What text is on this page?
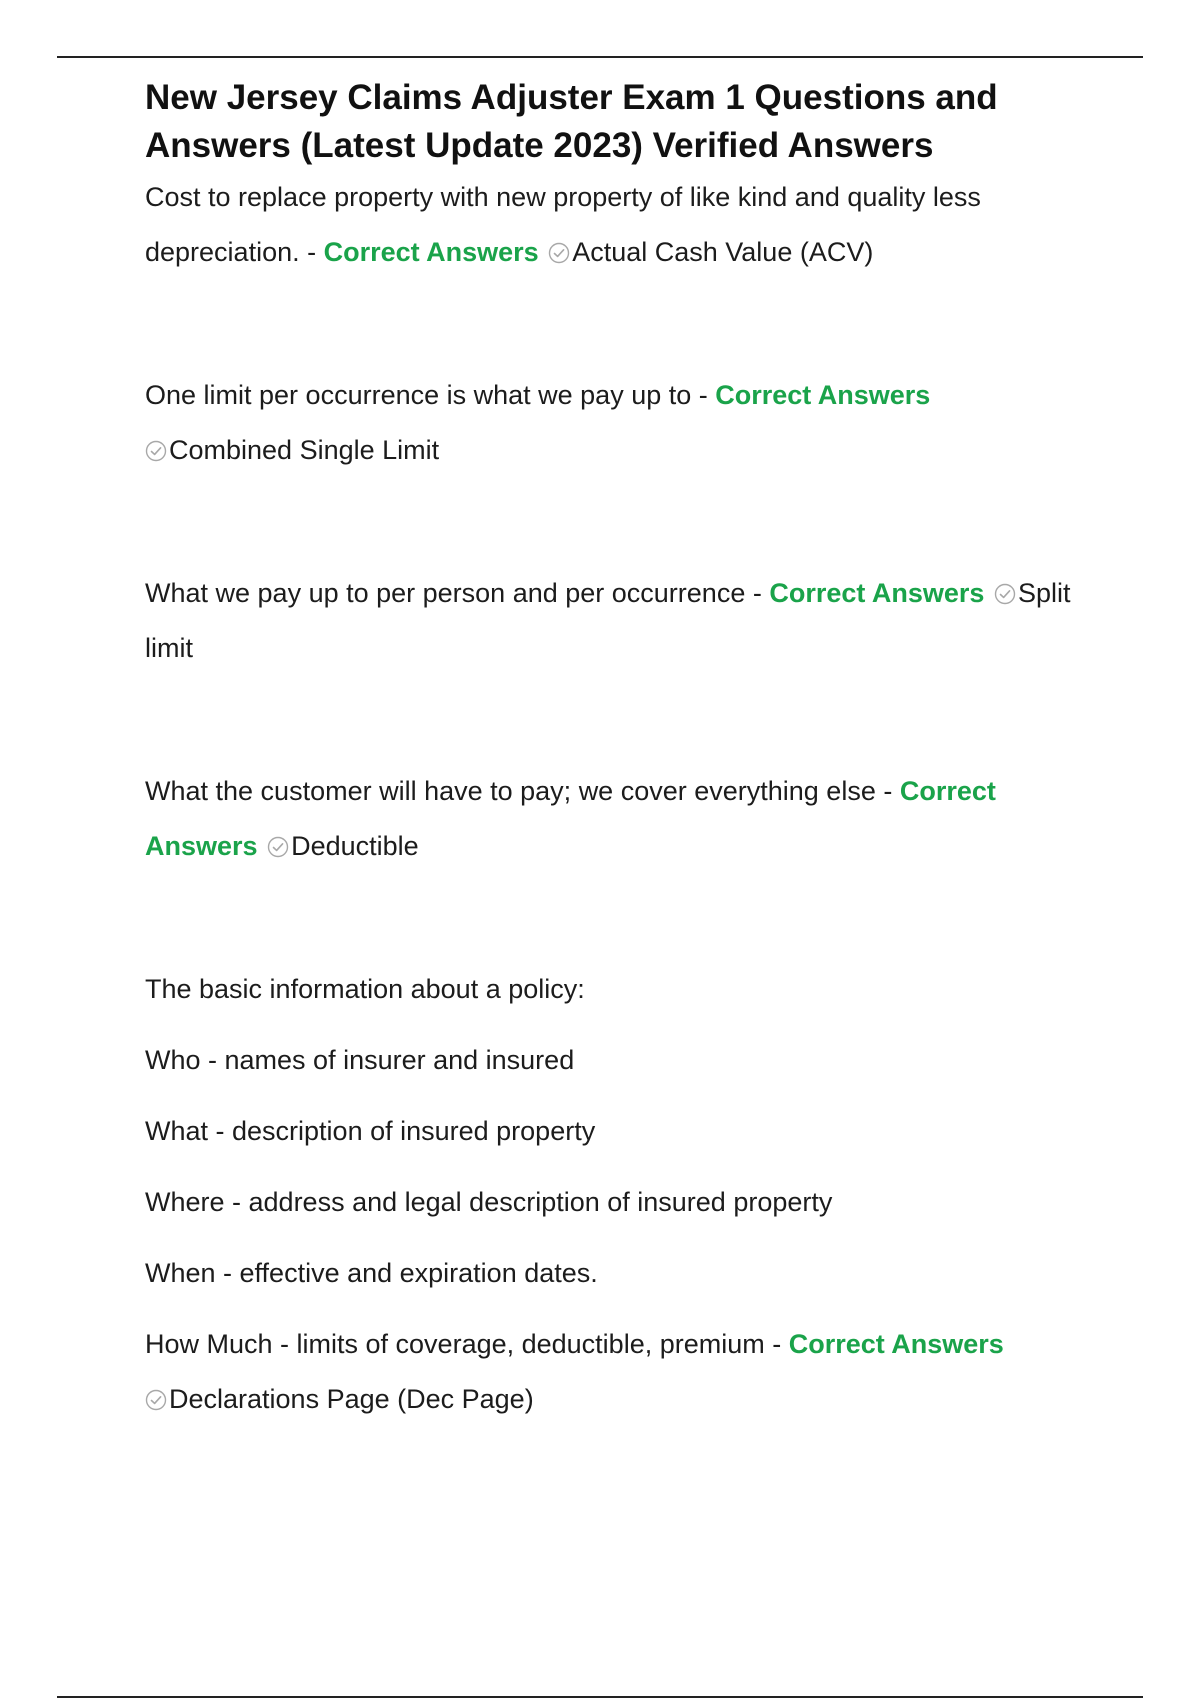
New Jersey Claims Adjuster Exam 1 Questions and Answers (Latest Update 2023) Verified Answers

Cost to replace property with new property of like kind and quality less depreciation. - Correct Answers Actual Cash Value (ACV)

One limit per occurrence is what we pay up to - Correct Answers

Combined Single Limit

What we pay up to per person and per occurrence - Correct Answers Split limit

What the customer will have to pay; we cover everything else - Correct Answers Deductible

The basic information about a policy:

Who - names of insurer and insured

What - description of insured property

Where - address and legal description of insured property

When - effective and expiration dates.

How Much - limits of coverage, deductible, premium - Correct Answers

Declarations Page (Dec Page)
